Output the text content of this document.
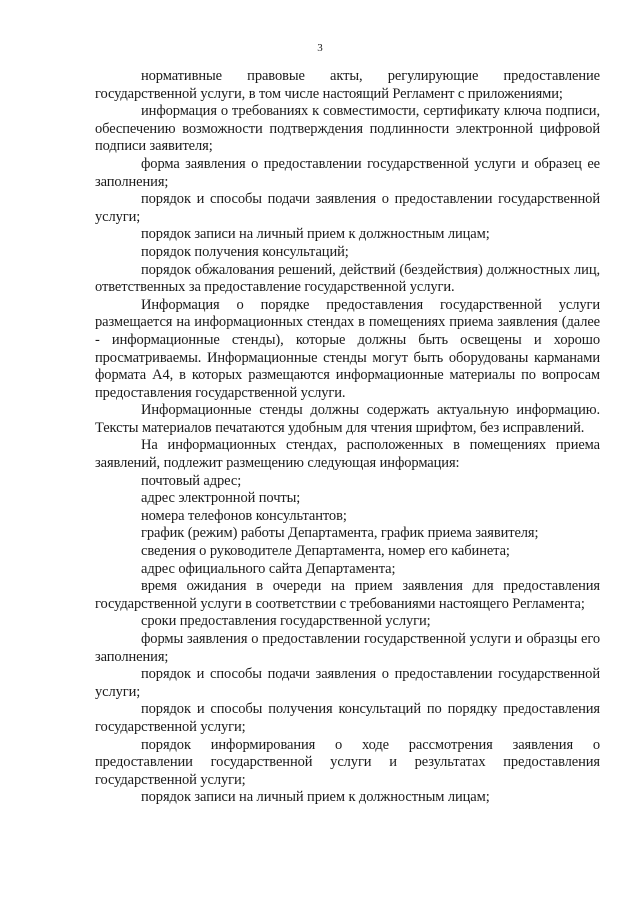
3

нормативные правовые акты, регулирующие предоставление государственной услуги, в том числе настоящий Регламент с приложениями;

информация о требованиях к совместимости, сертификату ключа подписи, обеспечению возможности подтверждения подлинности электронной цифровой подписи заявителя;

форма заявления о предоставлении государственной услуги и образец ее заполнения;

порядок и способы подачи заявления о предоставлении государственной услуги;

порядок записи на личный прием к должностным лицам;

порядок получения консультаций;

порядок обжалования решений, действий (бездействия) должностных лиц, ответственных за предоставление государственной услуги.

Информация о порядке предоставления государственной услуги размещается на информационных стендах в помещениях приема заявления (далее - информационные стенды), которые должны быть освещены и хорошо просматриваемы. Информационные стенды могут быть оборудованы карманами формата А4, в которых размещаются информационные материалы по вопросам предоставления государственной услуги.

Информационные стенды должны содержать актуальную информацию. Тексты материалов печатаются удобным для чтения шрифтом, без исправлений.

На информационных стендах, расположенных в помещениях приема заявлений, подлежит размещению следующая информация:

почтовый адрес;

адрес электронной почты;

номера телефонов консультантов;

график (режим) работы Департамента, график приема заявителя;

сведения о руководителе Департамента, номер его кабинета;

адрес официального сайта Департамента;

время ожидания в очереди на прием заявления для предоставления государственной услуги в соответствии с требованиями настоящего Регламента;

сроки предоставления государственной услуги;

формы заявления о предоставлении государственной услуги и образцы его заполнения;

порядок и способы подачи заявления о предоставлении государственной услуги;

порядок и способы получения консультаций по порядку предоставления государственной услуги;

порядок информирования о ходе рассмотрения заявления о предоставлении государственной услуги и результатах предоставления государственной услуги;

порядок записи на личный прием к должностным лицам;
